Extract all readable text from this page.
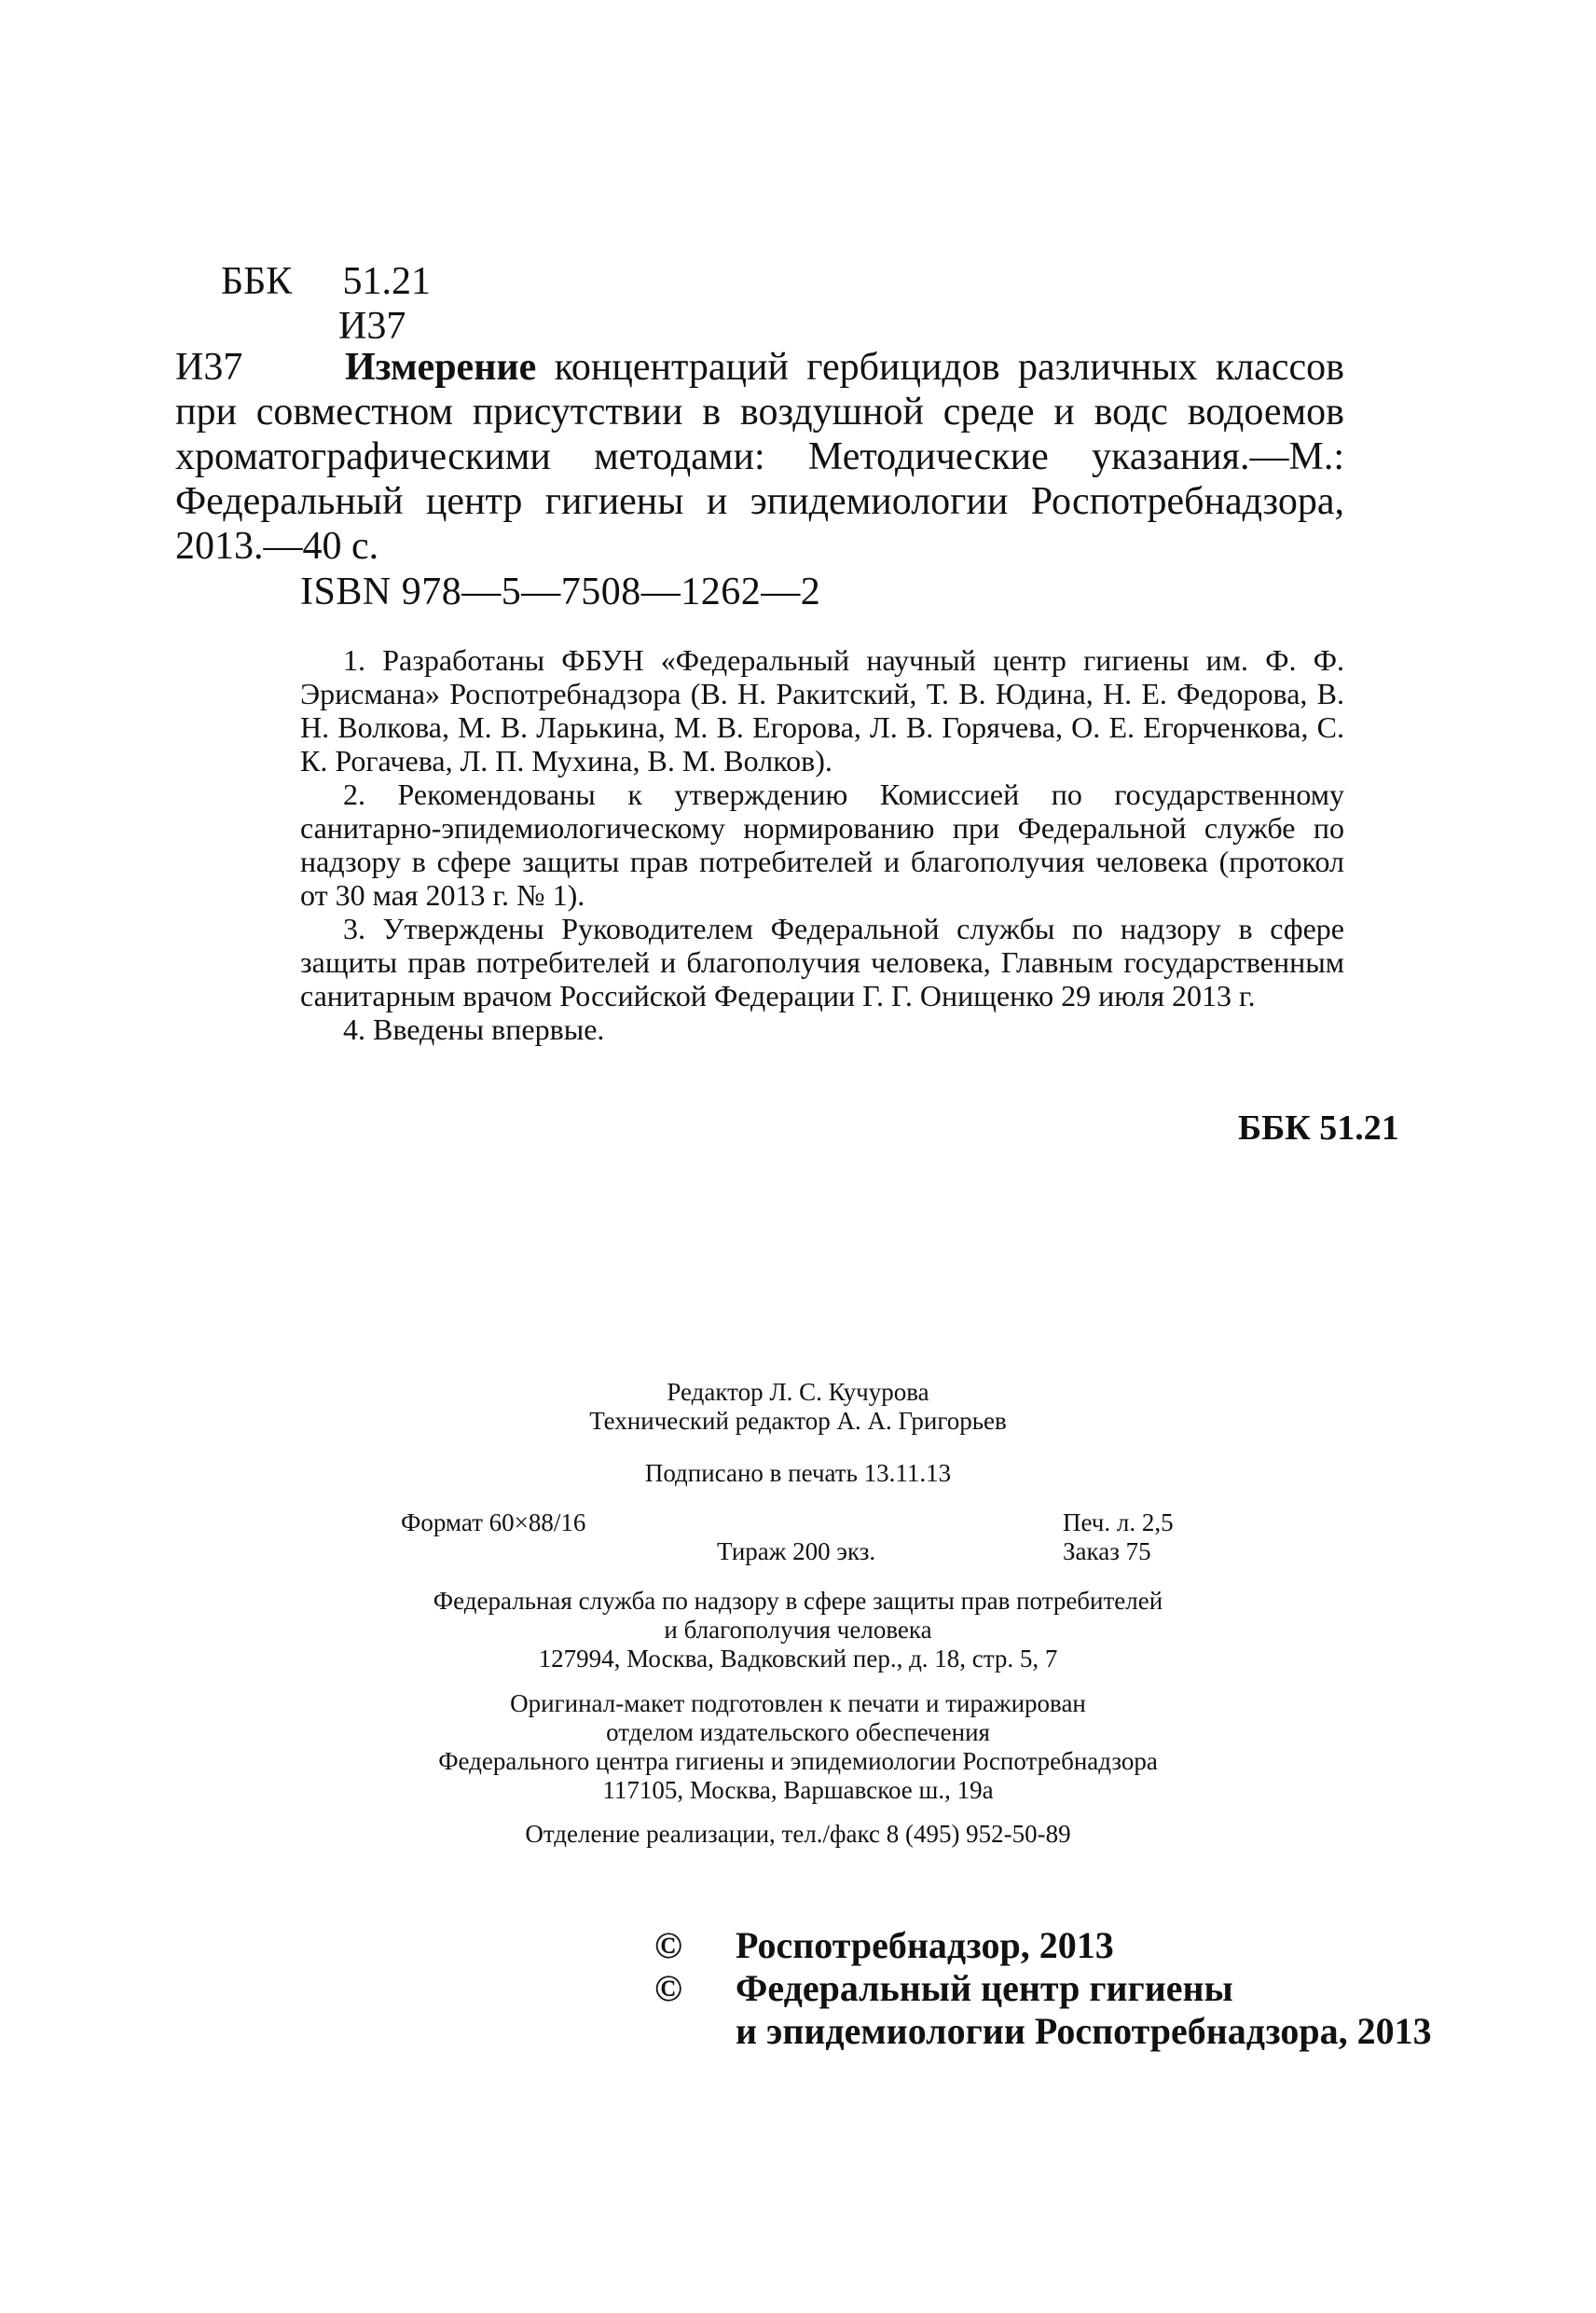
ББК 51.21
И37
И37	Измерение концентраций гербицидов различных классов при совместном присутствии в воздушной среде и водс водоемов хроматографическими методами: Методические указания.—М.: Федеральный центр гигиены и эпидемиологии Роспотребнадзора, 2013.—40 с.
ISBN 978—5—7508—1262—2

1. Разработаны ФБУН «Федеральный научный центр гигиены им. Ф. Ф. Эрисмана» Роспотребнадзора (В. Н. Ракитский, Т. В. Юдина, Н. Е. Федорова, В. Н. Волкова, М. В. Ларькина, М. В. Егорова, Л. В. Горячева, О. Е. Егорченкова, С. К. Рогачева, Л. П. Мухина, В. М. Волков).

2. Рекомендованы к утверждению Комиссией по государственному санитарно-эпидемиологическому нормированию при Федеральной службе по надзору в сфере защиты прав потребителей и благополучия человека (протокол от 30 мая 2013 г. № 1).

3. Утверждены Руководителем Федеральной службы по надзору в сфере защиты прав потребителей и благополучия человека, Главным государственным санитарным врачом Российской Федерации Г. Г. Онищенко 29 июля 2013 г.

4. Введены впервые.

ББК 51.21

Редактор Л. С. Кучурова

Технический редактор А. А. Григорьев

Подписано в печать 13.11.13
Формат 60×88/16
Тираж 200 экз.
Печ. л. 2,5
Заказ 75

Федеральная служба по надзору в сфере защиты прав потребителей

и благополучия человека

127994, Москва, Вадковский пер., д. 18, стр. 5, 7

Оригинал-макет подготовлен к печати и тиражирован

отделом издательского обеспечения

Федерального центра гигиены и эпидемиологии Роспотребнадзора

117105, Москва, Варшавское ш., 19а

Отделение реализации, тел./факс 8 (495) 952-50-89
© Роспотребнадзор, 2013
© Федеральный центр гигиены
и эпидемиологии Роспотребнадзора, 2013
